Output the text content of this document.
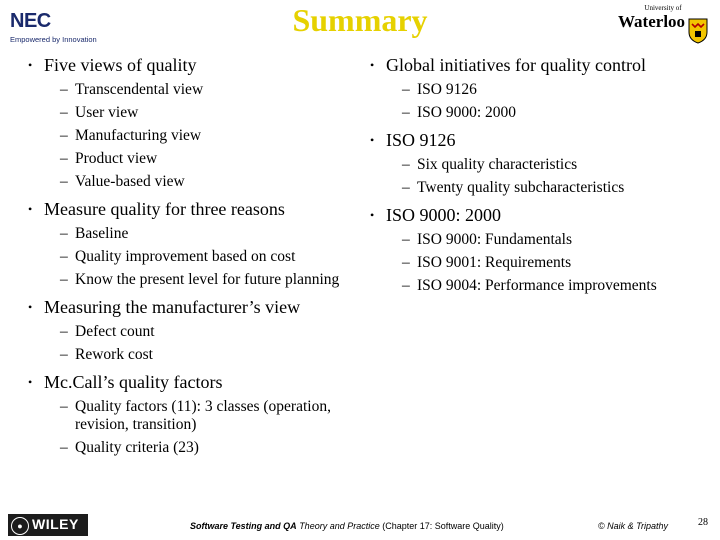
NEC
Empowered by Innovation
Summary	University of
Waterloo
• Five views of quality
– Transcendental view
– User view
– Manufacturing view
– Product view
– Value-based view
• Measure quality for three reasons
– Baseline
– Quality improvement based on cost
– Know the present level for future planning
• Measuring the manufacturer’s view
– Defect count
– Rework cost
• Mc.Call’s quality factors
– Quality factors (11): 3 classes (operation, revision, transition)
– Quality criteria (23)
• Global initiatives for quality control
– ISO 9126
– ISO 9000: 2000
• ISO 9126
– Six quality characteristics
– Twenty quality subcharacteristics
• ISO 9000: 2000
– ISO 9000: Fundamentals
– ISO 9001: Requirements
– ISO 9004: Performance improvements
● WILEY	Software Testing and QA Theory and Practice (Chapter 17: Software Quality)	© Naik & Tripathy	28
